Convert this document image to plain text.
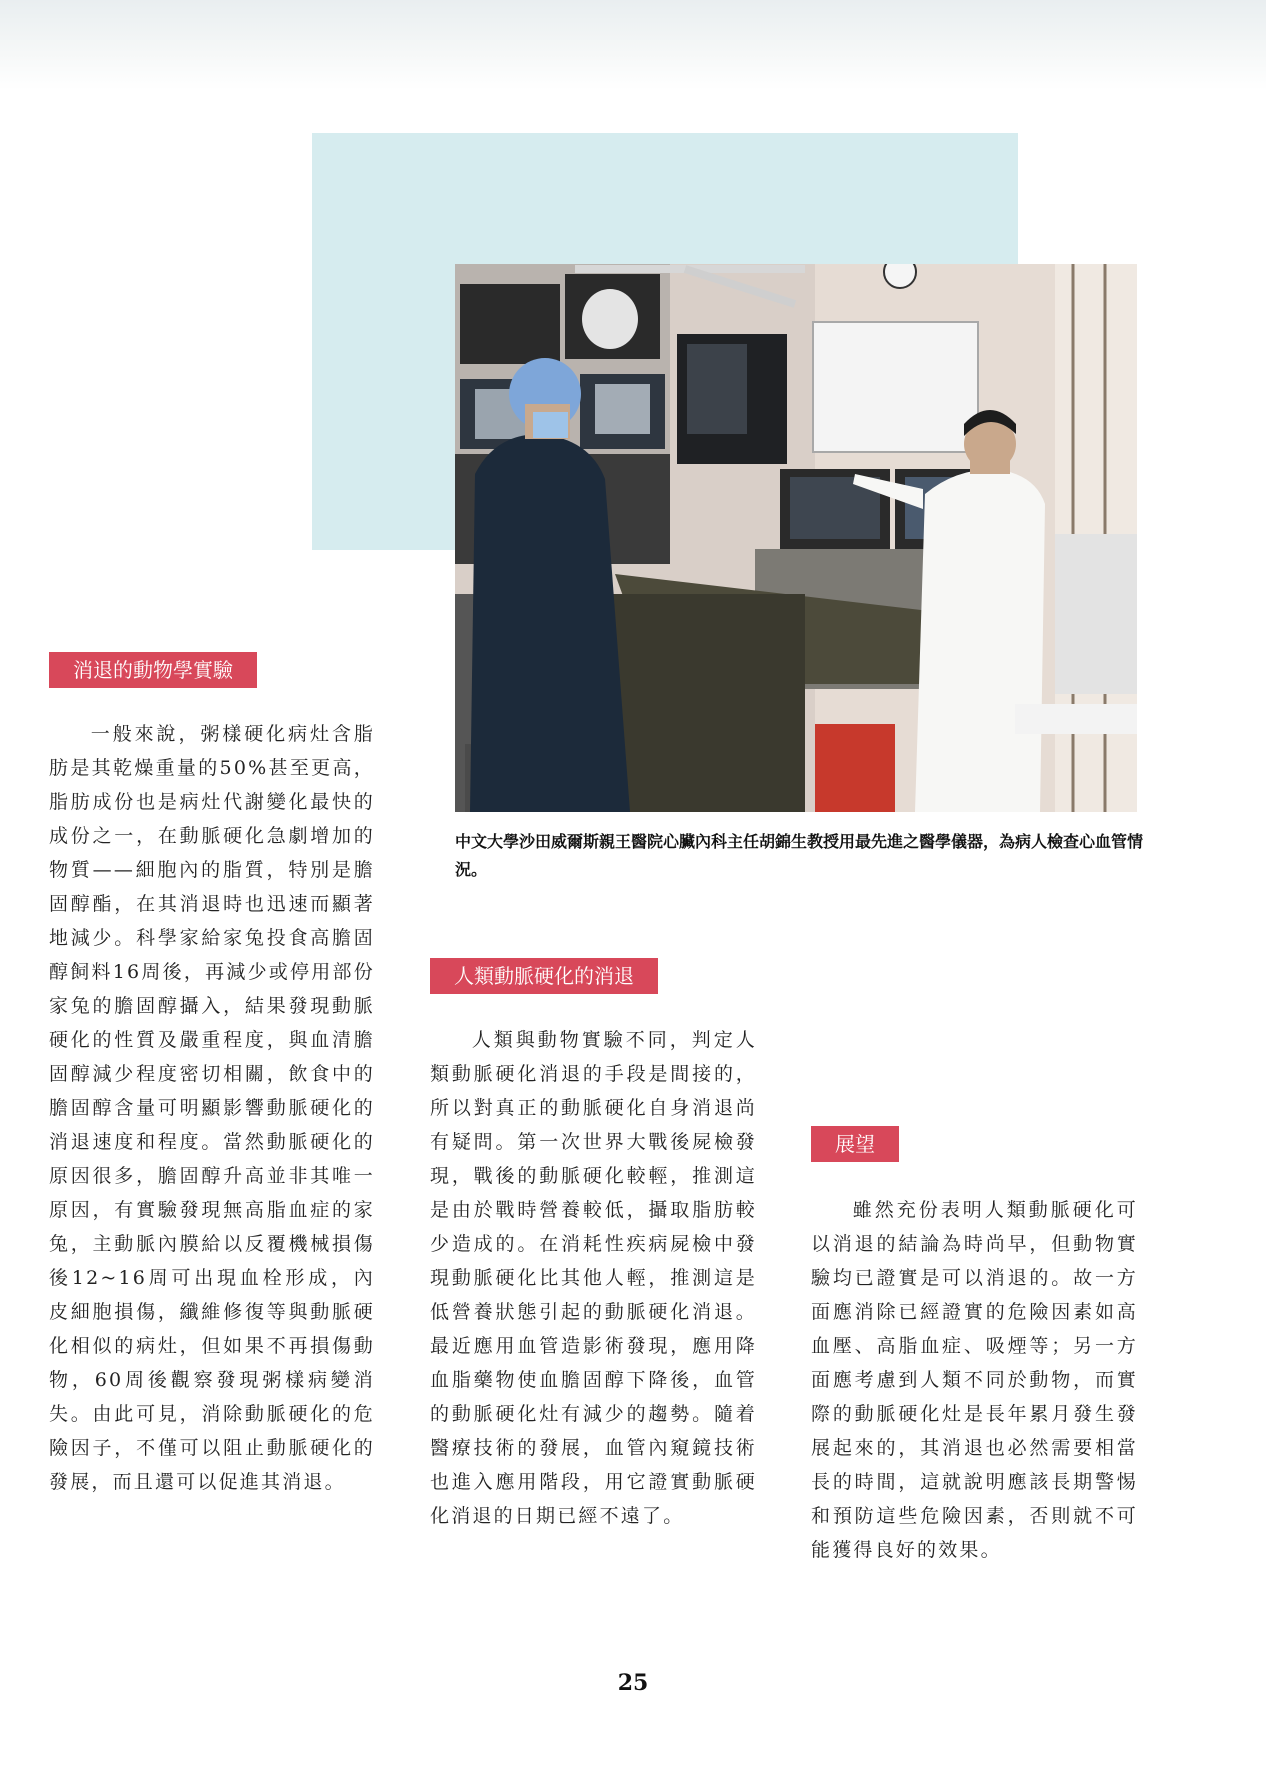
中文大學沙田威爾斯親王醫院心臟內科主任胡錦生教授用最先進之醫學儀器，為病人檢查心血管情況。
消退的動物學實驗

一般來說，粥樣硬化病灶含脂肪是其乾燥重量的50%甚至更高，脂肪成份也是病灶代謝變化最快的成份之一，在動脈硬化急劇增加的物質——細胞內的脂質，特別是膽固醇酯，在其消退時也迅速而顯著地減少。科學家給家兔投食高膽固醇飼料16周後，再減少或停用部份家兔的膽固醇攝入，結果發現動脈硬化的性質及嚴重程度，與血清膽固醇減少程度密切相關，飲食中的膽固醇含量可明顯影響動脈硬化的消退速度和程度。當然動脈硬化的原因很多，膽固醇升高並非其唯一原因，有實驗發現無高脂血症的家兔，主動脈內膜給以反覆機械損傷後12~16周可出現血栓形成，內皮細胞損傷，纖維修復等與動脈硬化相似的病灶，但如果不再損傷動物，60周後觀察發現粥樣病變消失。由此可見，消除動脈硬化的危險因子，不僅可以阻止動脈硬化的發展，而且還可以促進其消退。

人類動脈硬化的消退

人類與動物實驗不同，判定人類動脈硬化消退的手段是間接的，所以對真正的動脈硬化自身消退尚有疑問。第一次世界大戰後屍檢發現，戰後的動脈硬化較輕，推測這是由於戰時營養較低，攝取脂肪較少造成的。在消耗性疾病屍檢中發現動脈硬化比其他人輕，推測這是低營養狀態引起的動脈硬化消退。最近應用血管造影術發現，應用降血脂藥物使血膽固醇下降後，血管的動脈硬化灶有減少的趨勢。隨着醫療技術的發展，血管內窺鏡技術也進入應用階段，用它證實動脈硬化消退的日期已經不遠了。

展望

雖然充份表明人類動脈硬化可以消退的結論為時尚早，但動物實驗均已證實是可以消退的。故一方面應消除已經證實的危險因素如高血壓、高脂血症、吸煙等；另一方面應考慮到人類不同於動物，而實際的動脈硬化灶是長年累月發生發展起來的，其消退也必然需要相當長的時間，這就說明應該長期警惕和預防這些危險因素，否則就不可能獲得良好的效果。

25
